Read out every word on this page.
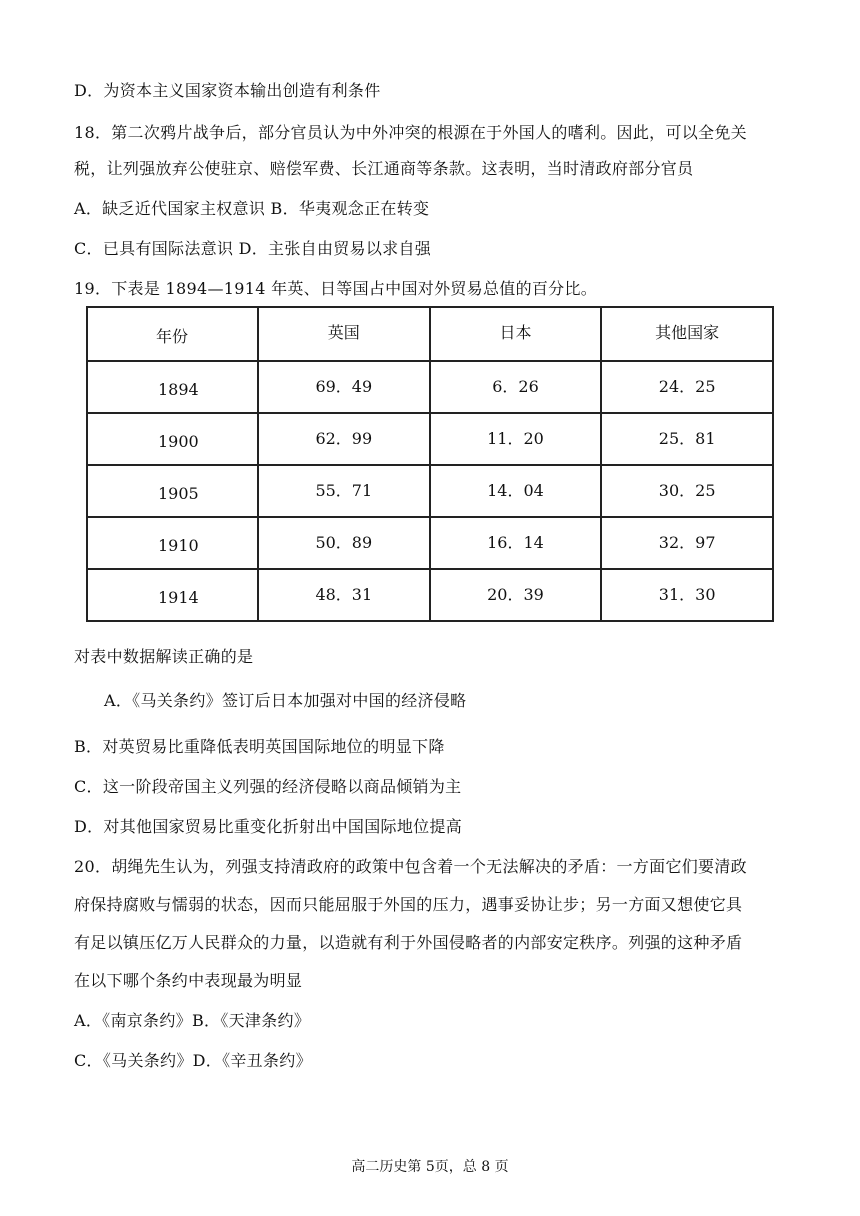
D．为资本主义国家资本输出创造有利条件
18．第二次鸦片战争后，部分官员认为中外冲突的根源在于外国人的嗜利。因此，可以全免关
税，让列强放弃公使驻京、赔偿军费、长江通商等条款。这表明，当时清政府部分官员
A．缺乏近代国家主权意识 B．华夷观念正在转变
C．已具有国际法意识 D．主张自由贸易以求自强
19．下表是 1894—1914 年英、日等国占中国对外贸易总值的百分比。
年份	英国	日本	其他国家

1894	69．49	6．26	24．25

1900	62．99	11．20	25．81

1905	55．71	14．04	30．25

1910	50．89	16．14	32．97

1914	48．31	20．39	31．30
对表中数据解读正确的是
A．《马关条约》签订后日本加强对中国的经济侵略
B．对英贸易比重降低表明英国国际地位的明显下降
C．这一阶段帝国主义列强的经济侵略以商品倾销为主
D．对其他国家贸易比重变化折射出中国国际地位提高
20．胡绳先生认为，列强支持清政府的政策中包含着一个无法解决的矛盾：一方面它们要清政
府保持腐败与懦弱的状态，因而只能屈服于外国的压力，遇事妥协让步；另一方面又想使它具
有足以镇压亿万人民群众的力量，以造就有利于外国侵略者的内部安定秩序。列强的这种矛盾
在以下哪个条约中表现最为明显
A．《南京条约》B．《天津条约》
C．《马关条约》D．《辛丑条约》
高二历史第 5页，总 8 页
